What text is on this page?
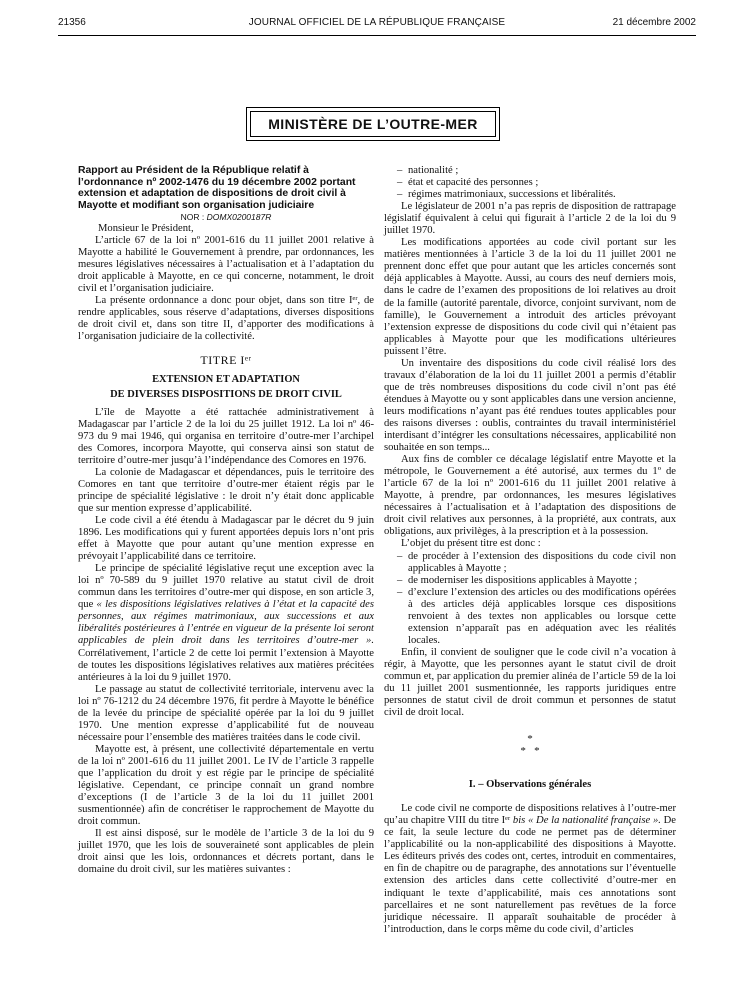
21356	JOURNAL OFFICIEL DE LA RÉPUBLIQUE FRANÇAISE	21 décembre 2002
MINISTÈRE DE L’OUTRE-MER

Rapport au Président de la République relatif à l’ordonnance nº 2002-1476 du 19 décembre 2002 portant extension et adaptation de dispositions de droit civil à Mayotte et modifiant son organisation judiciaire

NOR : DOMX0200187R

Monsieur le Président,

L’article 67 de la loi nº 2001-616 du 11 juillet 2001 relative à Mayotte a habilité le Gouvernement à prendre, par ordonnances, les mesures législatives nécessaires à l’actualisation et à l’adaptation du droit applicable à Mayotte, en ce qui concerne, notamment, le droit civil et l’organisation judiciaire.

La présente ordonnance a donc pour objet, dans son titre Iᵉʳ, de rendre applicables, sous réserve d’adaptations, diverses dispositions de droit civil et, dans son titre II, d’apporter des modifications à l’organisation judiciaire de la collectivité.

TITRE Iᵉʳ
EXTENSION ET ADAPTATION
DE DIVERSES DISPOSITIONS DE DROIT CIVIL

L’île de Mayotte a été rattachée administrativement à Madagascar par l’article 2 de la loi du 25 juillet 1912. La loi nº 46-973 du 9 mai 1946, qui organisa en territoire d’outre-mer l’archipel des Comores, incorpora Mayotte, qui conserva ainsi son statut de territoire d’outre-mer jusqu’à l’indépendance des Comores en 1976.

La colonie de Madagascar et dépendances, puis le territoire des Comores en tant que territoire d’outre-mer étaient régis par le principe de spécialité législative : le droit n’y était donc applicable que sur mention expresse d’applicabilité.

Le code civil a été étendu à Madagascar par le décret du 9 juin 1896. Les modifications qui y furent apportées depuis lors n’ont pris effet à Mayotte que pour autant qu’une mention expresse en prévoyait l’applicabilité dans ce territoire.

Le principe de spécialité législative reçut une exception avec la loi nº 70-589 du 9 juillet 1970 relative au statut civil de droit commun dans les territoires d’outre-mer qui dispose, en son article 3, que « les dispositions législatives relatives à l’état et la capacité des personnes, aux régimes matrimoniaux, aux successions et aux libéralités postérieures à l’entrée en vigueur de la présente loi seront applicables de plein droit dans les territoires d’outre-mer ». Corrélativement, l’article 2 de cette loi permit l’extension à Mayotte de toutes les dispositions législatives relatives aux matières précitées antérieures à la loi du 9 juillet 1970.

Le passage au statut de collectivité territoriale, intervenu avec la loi nº 76-1212 du 24 décembre 1976, fit perdre à Mayotte le bénéfice de la levée du principe de spécialité opérée par la loi du 9 juillet 1970. Une mention expresse d’applicabilité fut de nouveau nécessaire pour l’ensemble des matières traitées dans le code civil.

Mayotte est, à présent, une collectivité départementale en vertu de la loi nº 2001-616 du 11 juillet 2001. Le IV de l’article 3 rappelle que l’application du droit y est régie par le principe de spécialité législative. Cependant, ce principe connaît un grand nombre d’exceptions (I de l’article 3 de la loi du 11 juillet 2001 susmentionnée) afin de concrétiser le rapprochement de Mayotte du droit commun.

Il est ainsi disposé, sur le modèle de l’article 3 de la loi du 9 juillet 1970, que les lois de souveraineté sont applicables de plein droit ainsi que les lois, ordonnances et décrets portant, dans le domaine du droit civil, sur les matières suivantes :

– nationalité ;

– état et capacité des personnes ;

– régimes matrimoniaux, successions et libéralités.

Le législateur de 2001 n’a pas repris de disposition de rattrapage législatif équivalent à celui qui figurait à l’article 2 de la loi du 9 juillet 1970.

Les modifications apportées au code civil portant sur les matières mentionnées à l’article 3 de la loi du 11 juillet 2001 ne prennent donc effet que pour autant que les articles concernés sont déjà applicables à Mayotte. Aussi, au cours des neuf derniers mois, dans le cadre de l’examen des propositions de loi relatives au droit de la famille (autorité parentale, divorce, conjoint survivant, nom de famille), le Gouvernement a introduit des articles prévoyant l’extension expresse de dispositions du code civil qui n’étaient pas applicables à Mayotte pour que les modifications ultérieures puissent l’être.

Un inventaire des dispositions du code civil réalisé lors des travaux d’élaboration de la loi du 11 juillet 2001 a permis d’établir que de très nombreuses dispositions du code civil n’ont pas été étendues à Mayotte ou y sont applicables dans une version ancienne, leurs modifications n’ayant pas été rendues toutes applicables pour des raisons diverses : oublis, contraintes du travail interministériel interdisant d’intégrer les consultations nécessaires, applicabilité non souhaitée en son temps...

Aux fins de combler ce décalage législatif entre Mayotte et la métropole, le Gouvernement a été autorisé, aux termes du 1º de l’article 67 de la loi nº 2001-616 du 11 juillet 2001 relative à Mayotte, à prendre, par ordonnances, les mesures législatives nécessaires à l’actualisation et à l’adaptation des dispositions de droit civil relatives aux personnes, à la propriété, aux contrats, aux obligations, aux privilèges, à la prescription et à la possession.

L’objet du présent titre est donc :

– de procéder à l’extension des dispositions du code civil non applicables à Mayotte ;

– de moderniser les dispositions applicables à Mayotte ;

– d’exclure l’extension des articles ou des modifications opérées à des articles déjà applicables lorsque ces dispositions renvoient à des textes non applicables ou lorsque cette extension n’apparaît pas en adéquation avec les réalités locales.

Enfin, il convient de souligner que le code civil n’a vocation à régir, à Mayotte, que les personnes ayant le statut civil de droit commun et, par application du premier alinéa de l’article 59 de la loi du 11 juillet 2001 susmentionnée, les rapports juridiques entre personnes de statut civil de droit commun et personnes de statut civil de droit local.

*
*   *
I. – Observations générales

Le code civil ne comporte de dispositions relatives à l’outre-mer qu’au chapitre VIII du titre Iᵉʳ bis « De la nationalité française ». De ce fait, la seule lecture du code ne permet pas de déterminer l’applicabilité ou la non-applicabilité des dispositions à Mayotte. Les éditeurs privés des codes ont, certes, introduit en commentaires, en fin de chapitre ou de paragraphe, des annotations sur l’éventuelle extension des articles dans cette collectivité d’outre-mer en indiquant le texte d’applicabilité, mais ces annotations sont parcellaires et ne sont naturellement pas revêtues de la force juridique nécessaire. Il apparaît souhaitable de procéder à l’introduction, dans le corps même du code civil, d’articles
